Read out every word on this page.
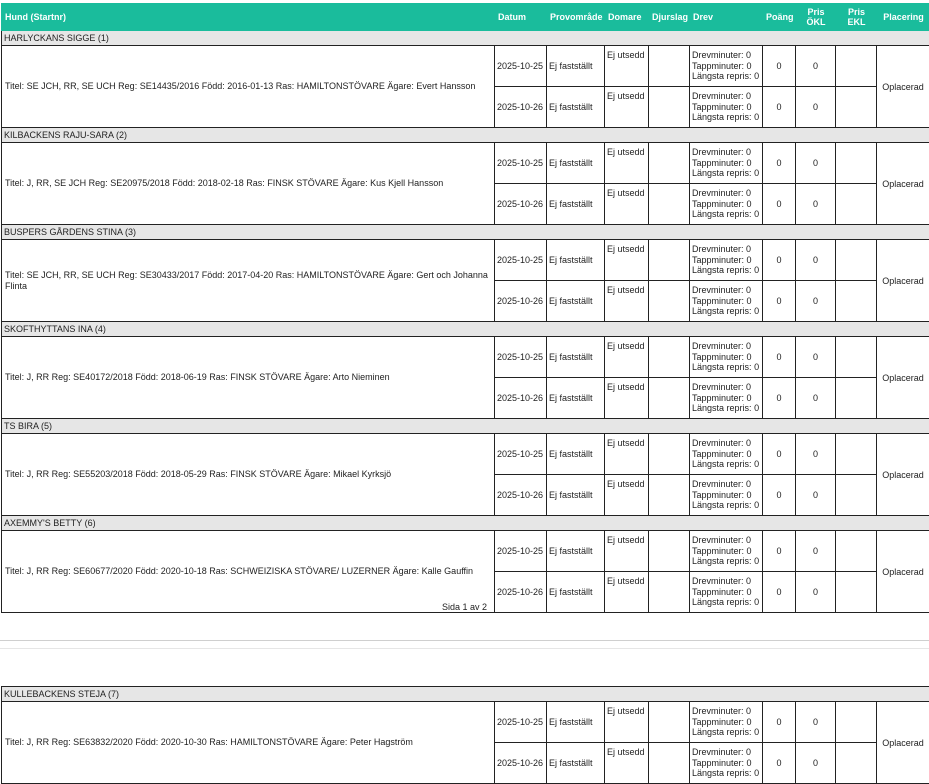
Hund (Startnr)	Datum	Provområde	Domare	Djurslag	Drev	Poäng	Pris ÖKL	Pris EKL	Placering
HARLYCKANS SIGGE (1)									
Titel: SE JCH, RR, SE UCH Reg: SE14435/2016 Född: 2016-01-13 Ras: HAMILTONSTÖVARE Ägare: Evert Hansson	2025-10-25	Ej fastställt	Ej utsedd		Drevminuter: 0
Tappminuter: 0
Längsta repris: 0	0	0		Oplacerad
	2025-10-26	Ej fastställt	Ej utsedd		Drevminuter: 0
Tappminuter: 0
Längsta repris: 0	0	0		
KILBACKENS RAJU-SARA (2)									
Titel: J, RR, SE JCH Reg: SE20975/2018 Född: 2018-02-18 Ras: FINSK STÖVARE Ägare: Kus Kjell Hansson	2025-10-25	Ej fastställt	Ej utsedd		Drevminuter: 0
Tappminuter: 0
Längsta repris: 0	0	0		Oplacerad
	2025-10-26	Ej fastställt	Ej utsedd		Drevminuter: 0
Tappminuter: 0
Längsta repris: 0	0	0		
BUSPERS GÅRDENS STINA (3)									
Titel: SE JCH, RR, SE UCH Reg: SE30433/2017 Född: 2017-04-20 Ras: HAMILTONSTÖVARE Ägare: Gert och Johanna Flinta	2025-10-25	Ej fastställt	Ej utsedd		Drevminuter: 0
Tappminuter: 0
Längsta repris: 0	0	0		Oplacerad
	2025-10-26	Ej fastställt	Ej utsedd		Drevminuter: 0
Tappminuter: 0
Längsta repris: 0	0	0		
SKOFTHYTTANS INA (4)									
Titel: J, RR Reg: SE40172/2018 Född: 2018-06-19 Ras: FINSK STÖVARE Ägare: Arto Nieminen	2025-10-25	Ej fastställt	Ej utsedd		Drevminuter: 0
Tappminuter: 0
Längsta repris: 0	0	0		Oplacerad
	2025-10-26	Ej fastställt	Ej utsedd		Drevminuter: 0
Tappminuter: 0
Längsta repris: 0	0	0		
TS BIRA (5)									
Titel: J, RR Reg: SE55203/2018 Född: 2018-05-29 Ras: FINSK STÖVARE Ägare: Mikael Kyrksjö	2025-10-25	Ej fastställt	Ej utsedd		Drevminuter: 0
Tappminuter: 0
Längsta repris: 0	0	0		Oplacerad
	2025-10-26	Ej fastställt	Ej utsedd		Drevminuter: 0
Tappminuter: 0
Längsta repris: 0	0	0		
AXEMMY'S BETTY (6)									
Titel: J, RR Reg: SE60677/2020 Född: 2020-10-18 Ras: SCHWEIZISKA STÖVARE/ LUZERNER Ägare: Kalle Gauffin	2025-10-25	Ej fastställt	Ej utsedd		Drevminuter: 0
Tappminuter: 0
Längsta repris: 0	0	0		Oplacerad
	2025-10-26	Ej fastställt	Ej utsedd		Drevminuter: 0
Tappminuter: 0
Längsta repris: 0	0	0		
Sida 1 av 2
KULLEBACKENS STEJA (7)									
Titel: J, RR Reg: SE63832/2020 Född: 2020-10-30 Ras: HAMILTONSTÖVARE Ägare: Peter Hagström	2025-10-25	Ej fastställt	Ej utsedd		Drevminuter: 0
Tappminuter: 0
Längsta repris: 0	0	0		Oplacerad
	2025-10-26	Ej fastställt	Ej utsedd		Drevminuter: 0
Tappminuter: 0
Längsta repris: 0	0	0		
